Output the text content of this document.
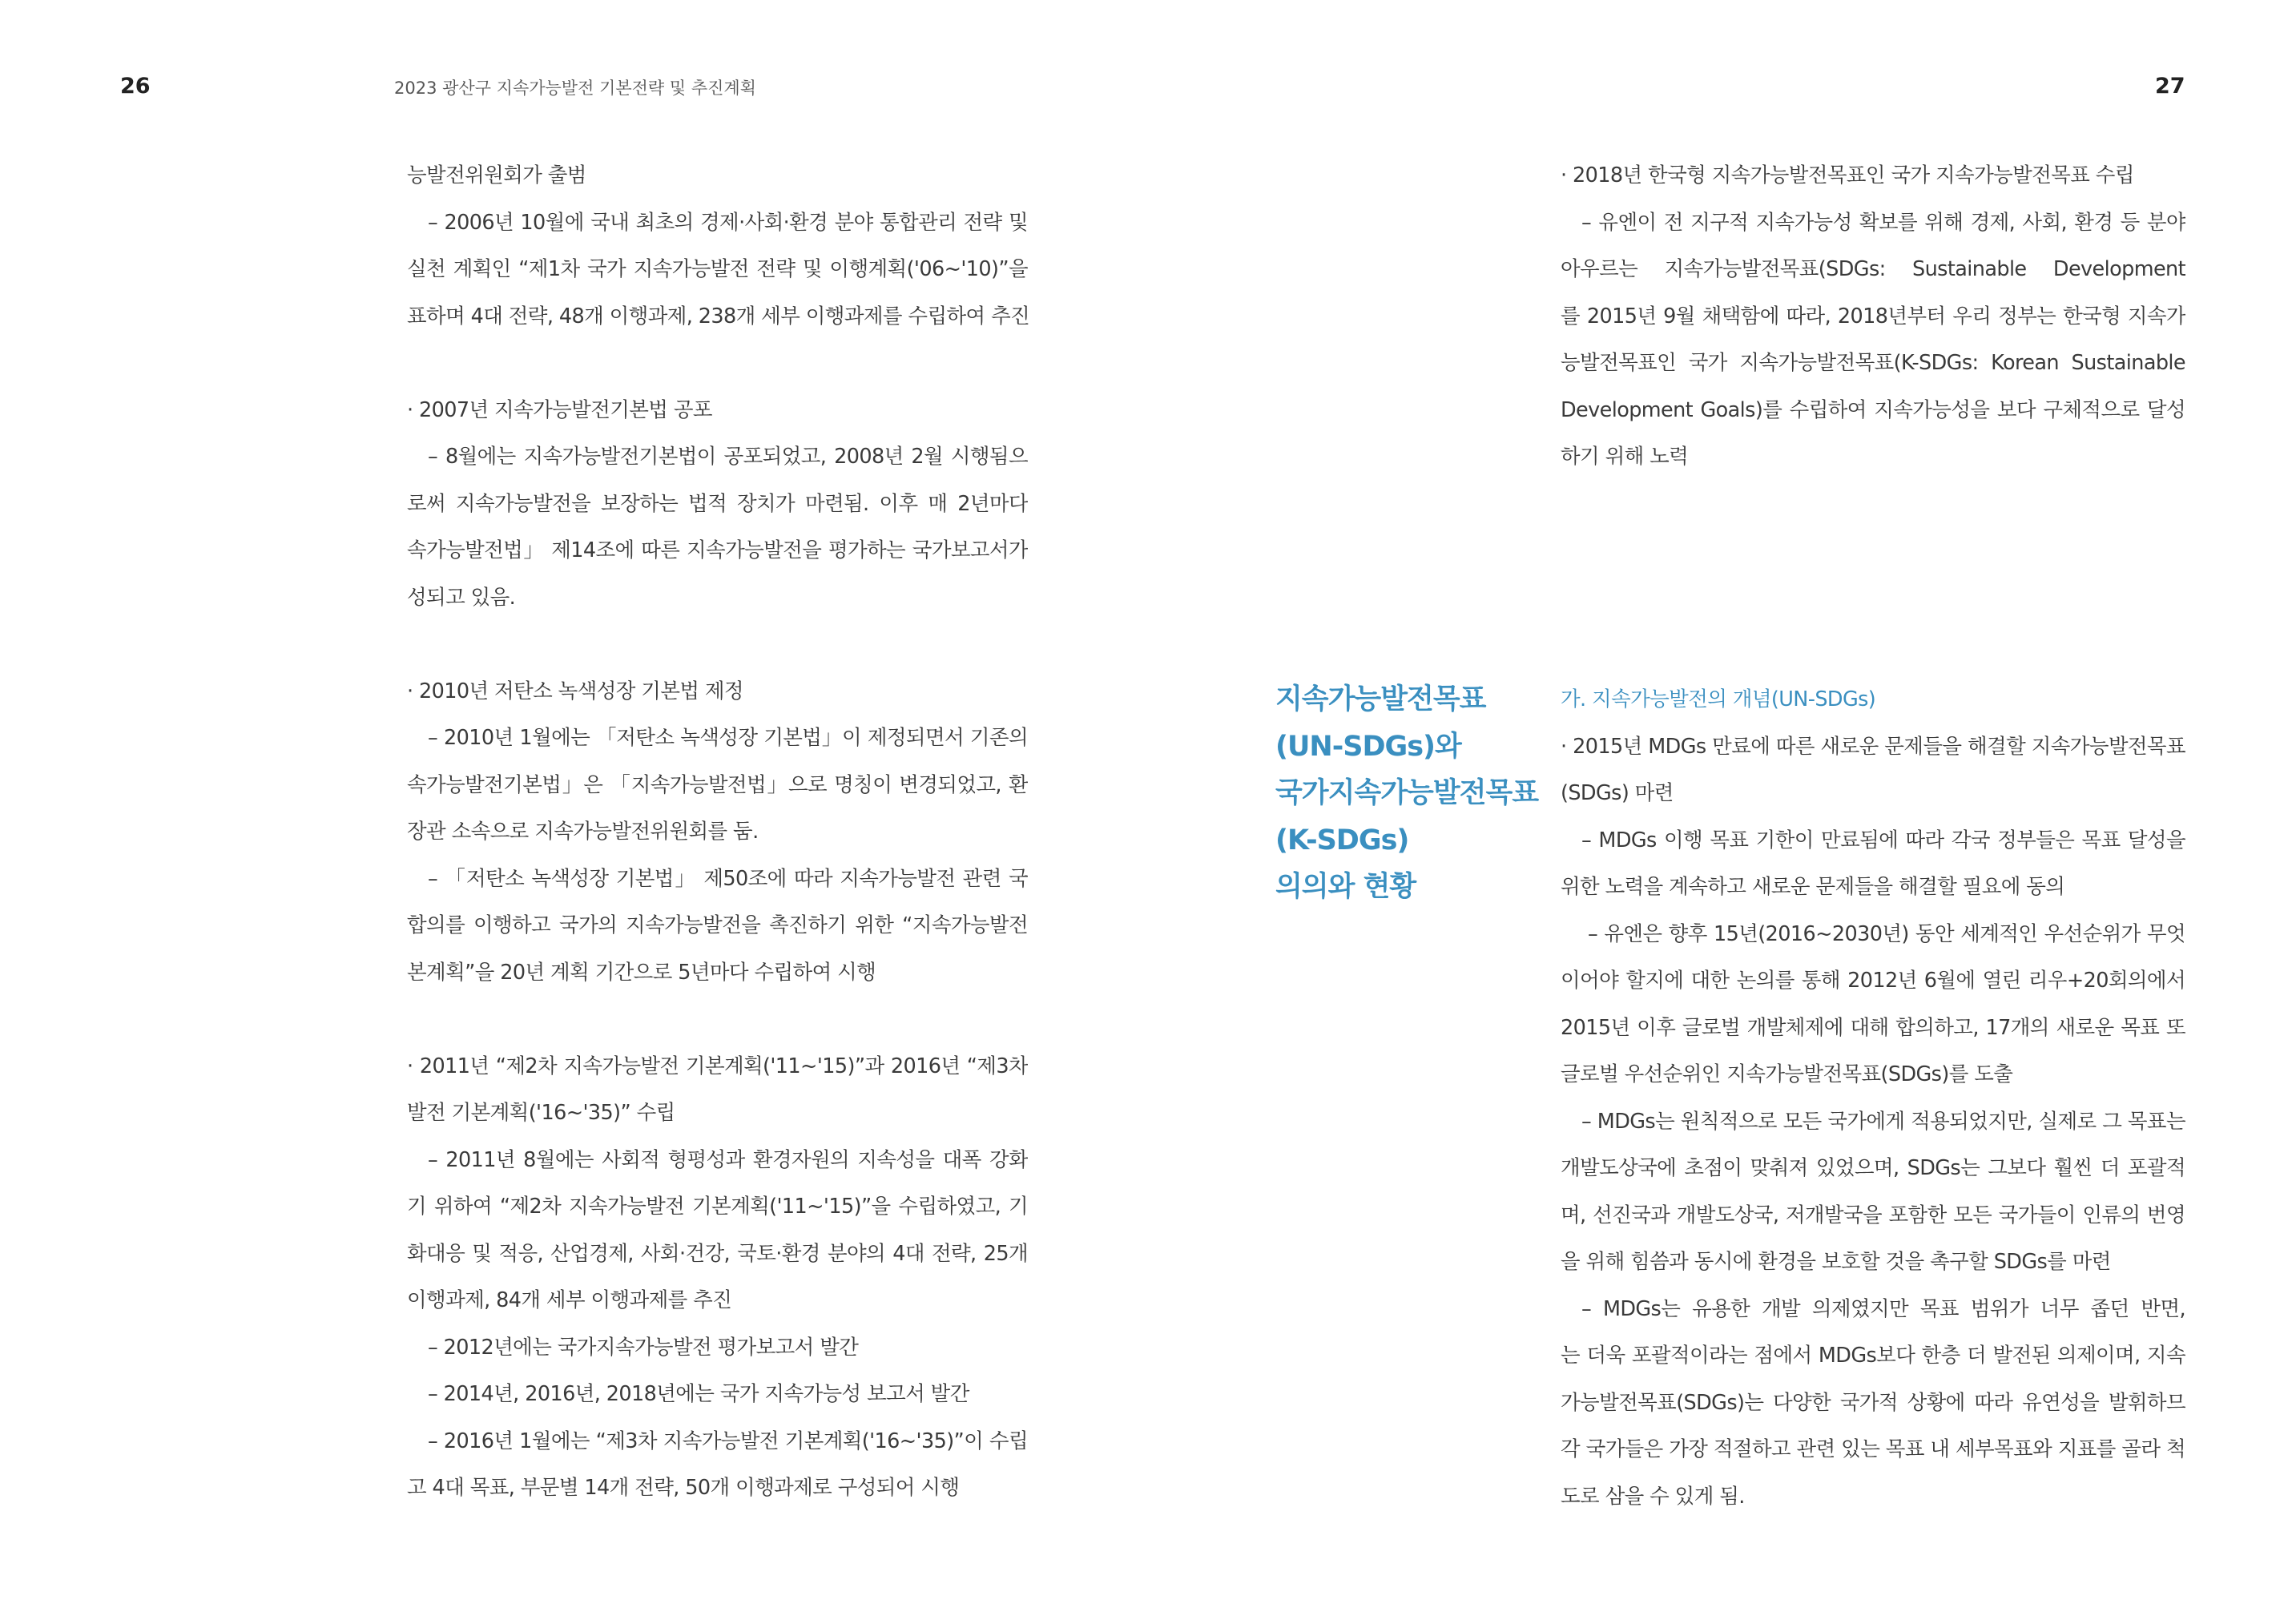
26	2023 광산구 지속가능발전 기본전략 및 추진계획	27
능발전위원회가 출범
– 2006년 10월에 국내 최초의 경제·사회·환경 분야 통합관리 전략 및
실천 계획인 “제1차 국가 지속가능발전 전략 및 이행계획('06~'10)”을
표하며 4대 전략, 48개 이행과제, 238개 세부 이행과제를 수립하여 추진
· 2007년 지속가능발전기본법 공포
– 8월에는 지속가능발전기본법이 공포되었고, 2008년 2월 시행됨으
로써 지속가능발전을 보장하는 법적 장치가 마련됨. 이후 매 2년마다
속가능발전법」 제14조에 따른 지속가능발전을 평가하는 국가보고서가
성되고 있음.
· 2010년 저탄소 녹색성장 기본법 제정
– 2010년 1월에는 「저탄소 녹색성장 기본법」이 제정되면서 기존의
속가능발전기본법」은 「지속가능발전법」으로 명칭이 변경되었고, 환
장관 소속으로 지속가능발전위원회를 둠.
– 「저탄소 녹색성장 기본법」 제50조에 따라 지속가능발전 관련 국
합의를 이행하고 국가의 지속가능발전을 촉진하기 위한 “지속가능발전
본계획”을 20년 계획 기간으로 5년마다 수립하여 시행
· 2011년 “제2차 지속가능발전 기본계획('11~'15)”과 2016년 “제3차
발전 기본계획('16~'35)” 수립
– 2011년 8월에는 사회적 형평성과 환경자원의 지속성을 대폭 강화
기 위하여 “제2차 지속가능발전 기본계획('11~'15)”을 수립하였고, 기
화대응 및 적응, 산업경제, 사회·건강, 국토·환경 분야의 4대 전략, 25개
이행과제, 84개 세부 이행과제를 추진
– 2012년에는 국가지속가능발전 평가보고서 발간
– 2014년, 2016년, 2018년에는 국가 지속가능성 보고서 발간
– 2016년 1월에는 “제3차 지속가능발전 기본계획('16~'35)”이 수립
고 4대 목표, 부문별 14개 전략, 50개 이행과제로 구성되어 시행
· 2018년 한국형 지속가능발전목표인 국가 지속가능발전목표 수립
– 유엔이 전 지구적 지속가능성 확보를 위해 경제, 사회, 환경 등 분야
아우르는 지속가능발전목표(SDGs: Sustainable Development
를 2015년 9월 채택함에 따라, 2018년부터 우리 정부는 한국형 지속가
능발전목표인 국가 지속가능발전목표(K-SDGs: Korean Sustainable
Development Goals)를 수립하여 지속가능성을 보다 구체적으로 달성
하기 위해 노력
지속가능발전목표
(UN-SDGs)와
국가지속가능발전목표
(K-SDGs)
의의와 현황
가. 지속가능발전의 개념(UN-SDGs)
· 2015년 MDGs 만료에 따른 새로운 문제들을 해결할 지속가능발전목표
(SDGs) 마련
– MDGs 이행 목표 기한이 만료됨에 따라 각국 정부들은 목표 달성을
위한 노력을 계속하고 새로운 문제들을 해결할 필요에 동의
– 유엔은 향후 15년(2016~2030년) 동안 세계적인 우선순위가 무엇
이어야 할지에 대한 논의를 통해 2012년 6월에 열린 리우+20회의에서
2015년 이후 글로벌 개발체제에 대해 합의하고, 17개의 새로운 목표 또
글로벌 우선순위인 지속가능발전목표(SDGs)를 도출
– MDGs는 원칙적으로 모든 국가에게 적용되었지만, 실제로 그 목표는
개발도상국에 초점이 맞춰져 있었으며, SDGs는 그보다 훨씬 더 포괄적
며, 선진국과 개발도상국, 저개발국을 포함한 모든 국가들이 인류의 번영
을 위해 힘씀과 동시에 환경을 보호할 것을 촉구할 SDGs를 마련
– MDGs는 유용한 개발 의제였지만 목표 범위가 너무 좁던 반면,
는 더욱 포괄적이라는 점에서 MDGs보다 한층 더 발전된 의제이며, 지속
가능발전목표(SDGs)는 다양한 국가적 상황에 따라 유연성을 발휘하므
각 국가들은 가장 적절하고 관련 있는 목표 내 세부목표와 지표를 골라 척
도로 삼을 수 있게 됨.
